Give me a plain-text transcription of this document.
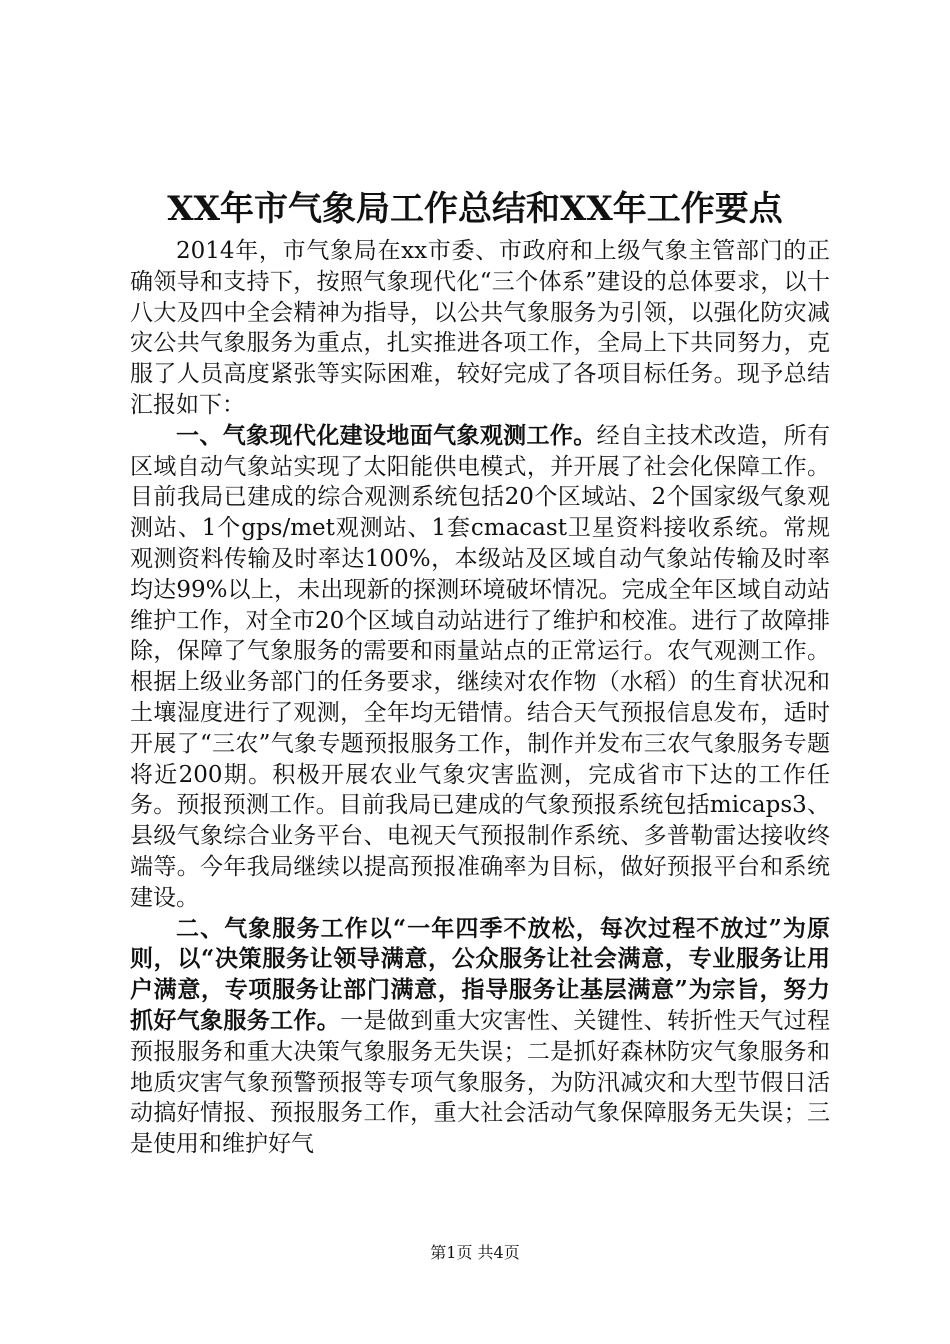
XX年市气象局工作总结和XX年工作要点

2014年，市气象局在xx市委、市政府和上级气象主管部门的正确领导和支持下，按照气象现代化“三个体系”建设的总体要求，以十八大及四中全会精神为指导，以公共气象服务为引领，以强化防灾减灾公共气象服务为重点，扎实推进各项工作，全局上下共同努力，克服了人员高度紧张等实际困难，较好完成了各项目标任务。现予总结汇报如下：

一、气象现代化建设地面气象观测工作。经自主技术改造，所有区域自动气象站实现了太阳能供电模式，并开展了社会化保障工作。目前我局已建成的综合观测系统包括20个区域站、2个国家级气象观测站、1个gps/met观测站、1套cmacast卫星资料接收系统。常规观测资料传输及时率达100%，本级站及区域自动气象站传输及时率均达99%以上，未出现新的探测环境破坏情况。完成全年区域自动站维护工作，对全市20个区域自动站进行了维护和校准。进行了故障排除，保障了气象服务的需要和雨量站点的正常运行。农气观测工作。根据上级业务部门的任务要求，继续对农作物（水稻）的生育状况和土壤湿度进行了观测，全年均无错情。结合天气预报信息发布，适时开展了“三农”气象专题预报服务工作，制作并发布三农气象服务专题将近200期。积极开展农业气象灾害监测，完成省市下达的工作任务。预报预测工作。目前我局已建成的气象预报系统包括micaps3、县级气象综合业务平台、电视天气预报制作系统、多普勒雷达接收终端等。今年我局继续以提高预报准确率为目标，做好预报平台和系统建设。

二、气象服务工作以“一年四季不放松，每次过程不放过”为原则，以“决策服务让领导满意，公众服务让社会满意，专业服务让用户满意，专项服务让部门满意，指导服务让基层满意”为宗旨，努力抓好气象服务工作。一是做到重大灾害性、关键性、转折性天气过程预报服务和重大决策气象服务无失误；二是抓好森林防灾气象服务和地质灾害气象预警预报等专项气象服务，为防汛减灾和大型节假日活动搞好情报、预报服务工作，重大社会活动气象保障服务无失误；三是使用和维护好气

第1页 共4页
